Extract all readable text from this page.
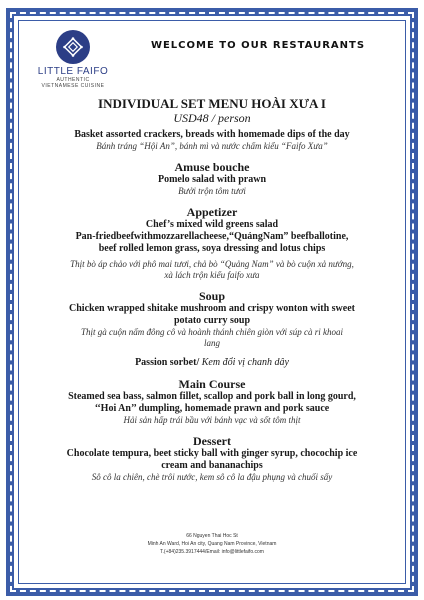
LITTLE FAIFO
AUTHENTIC
VIETNAMESE CUISINE
WELCOME TO OUR RESTAURANTS
INDIVIDUAL SET MENU HOÀI XƯA I
USD48 / person
Basket assorted crackers, breads with homemade dips of the day
Bánh tráng “Hội An”, bánh mì và nước chấm kiểu “Faifo Xưa”
Amuse bouche
Pomelo salad with prawn
Bưởi trộn tôm tươi
Appetizer
Chef’s mixed wild greens salad
Pan-friedbeefwithmozzarellacheese,“QuảngNam” beefballotine,
beef rolled lemon grass, soya dressing and lotus chips
Thịt bò áp chảo với phô mai tươi, chả bò “Quảng Nam” và bò cuộn xả nướng,
xà lách trộn kiểu faifo xưa
Soup
Chicken wrapped shitake mushroom and crispy wonton with sweet
potato curry soup
Thịt gà cuộn nấm đông cô và hoành thánh chiên giòn với súp cà ri khoai
lang
Passion sorbet/ Kem đổi vị chanh dây
Main Course
Steamed sea bass, salmon fillet, scallop and pork ball in long gourd,
‘‘Hoi An’’ dumpling, homemade prawn and pork sauce
Hải sản hấp trái bầu với bánh vạc và sốt tôm thịt
Dessert
Chocolate tempura, beet sticky ball with ginger syrup, chocochip ice
cream and bananachips
Sô cô la chiên, chè trôi nước, kem sô cô la đậu phụng và chuối sấy
66 Nguyen Thai Hoc St
Minh An Ward, Hoi An city, Quang Nam Province, Vietnam
T.(+84)235.3917444/Email: info@littlefaifo.com
